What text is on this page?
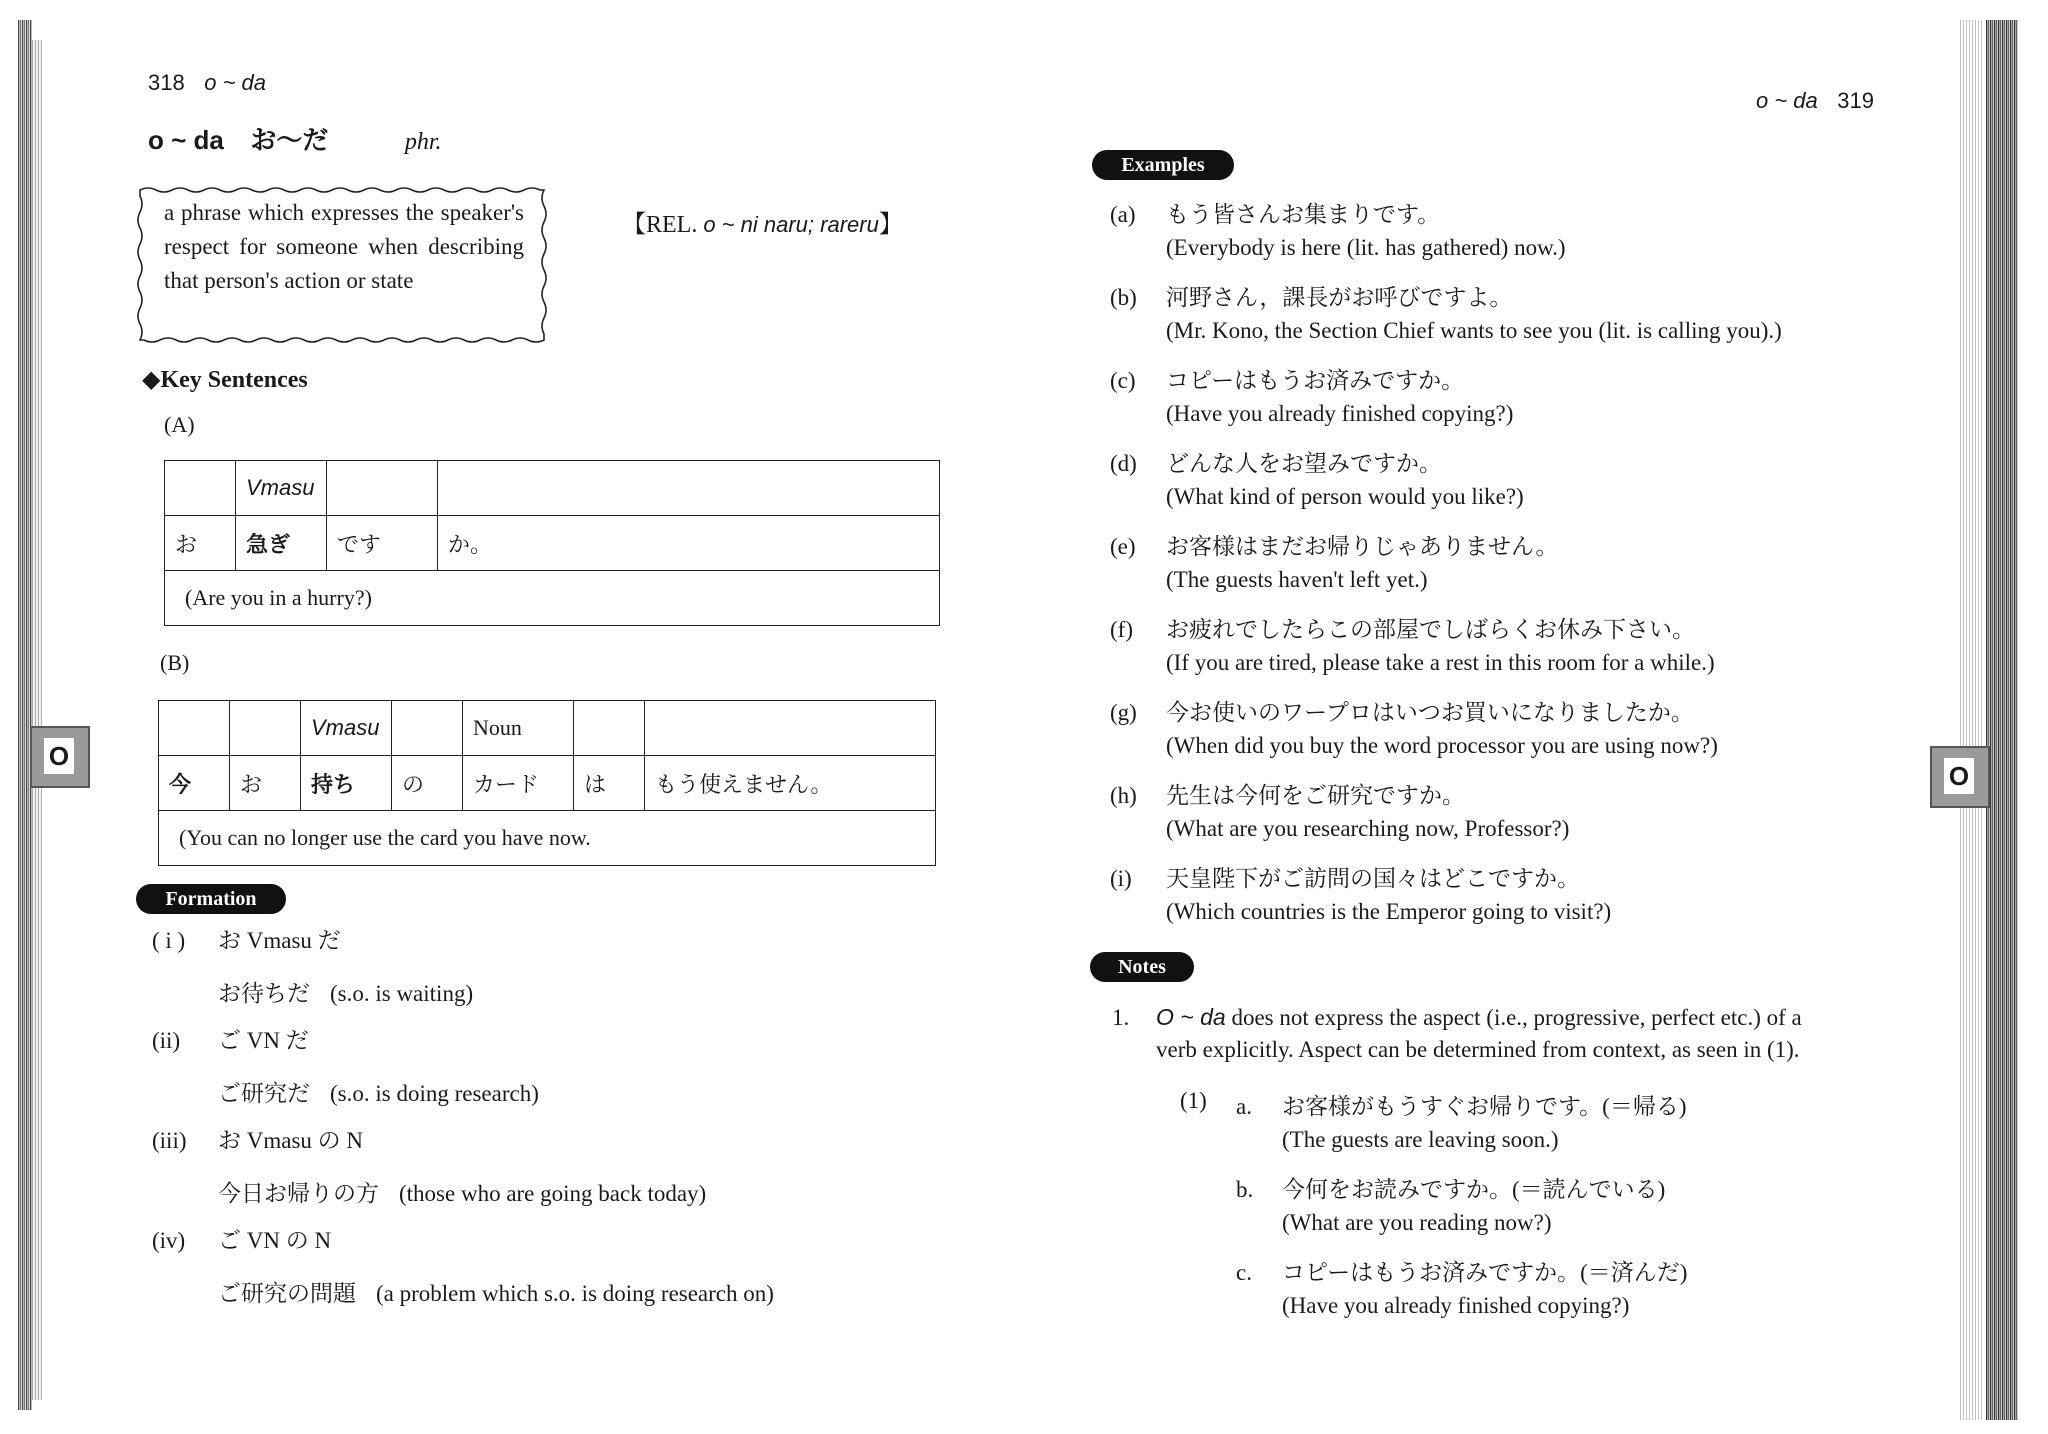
O
O
318 o ~ da
o ~ da お〜だ	phr.
a phrase which expresses the speaker's respect for someone when describing that person's action or state
【REL. o ~ ni naru; rareru】
◆Key Sentences
(A)
	Vmasu		
お	急ぎ	です	か。
(Are you in a hurry?)			
(B)
		Vmasu		Noun		
今	お	持ち	の	カード	は	もう使えません。
(You can no longer use the card you have now.						
Formation
( i ) お Vmasu だ
お待ちだ (s.o. is waiting)
(ii) ご VN だ
ご研究だ (s.o. is doing research)
(iii) お Vmasu の N
今日お帰りの方 (those who are going back today)
(iv) ご VN の N
ご研究の問題 (a problem which s.o. is doing research on)
o ~ da 319
Examples
(a) もう皆さんお集まりです。
(Everybody is here (lit. has gathered) now.)
(b) 河野さん，課長がお呼びですよ。
(Mr. Kono, the Section Chief wants to see you (lit. is calling you).)
(c) コピーはもうお済みですか。
(Have you already finished copying?)
(d) どんな人をお望みですか。
(What kind of person would you like?)
(e) お客様はまだお帰りじゃありません。
(The guests haven't left yet.)
(f) お疲れでしたらこの部屋でしばらくお休み下さい。
(If you are tired, please take a rest in this room for a while.)
(g) 今お使いのワープロはいつお買いになりましたか。
(When did you buy the word processor you are using now?)
(h) 先生は今何をご研究ですか。
(What are you researching now, Professor?)
(i) 天皇陛下がご訪問の国々はどこですか。
(Which countries is the Emperor going to visit?)
Notes
1. O ~ da does not express the aspect (i.e., progressive, perfect etc.) of a
verb explicitly. Aspect can be determined from context, as seen in (1).
(1) a. お客様がもうすぐお帰りです。(＝帰る)
(The guests are leaving soon.)
b. 今何をお読みですか。(＝読んでいる)
(What are you reading now?)
c. コピーはもうお済みですか。(＝済んだ)
(Have you already finished copying?)
